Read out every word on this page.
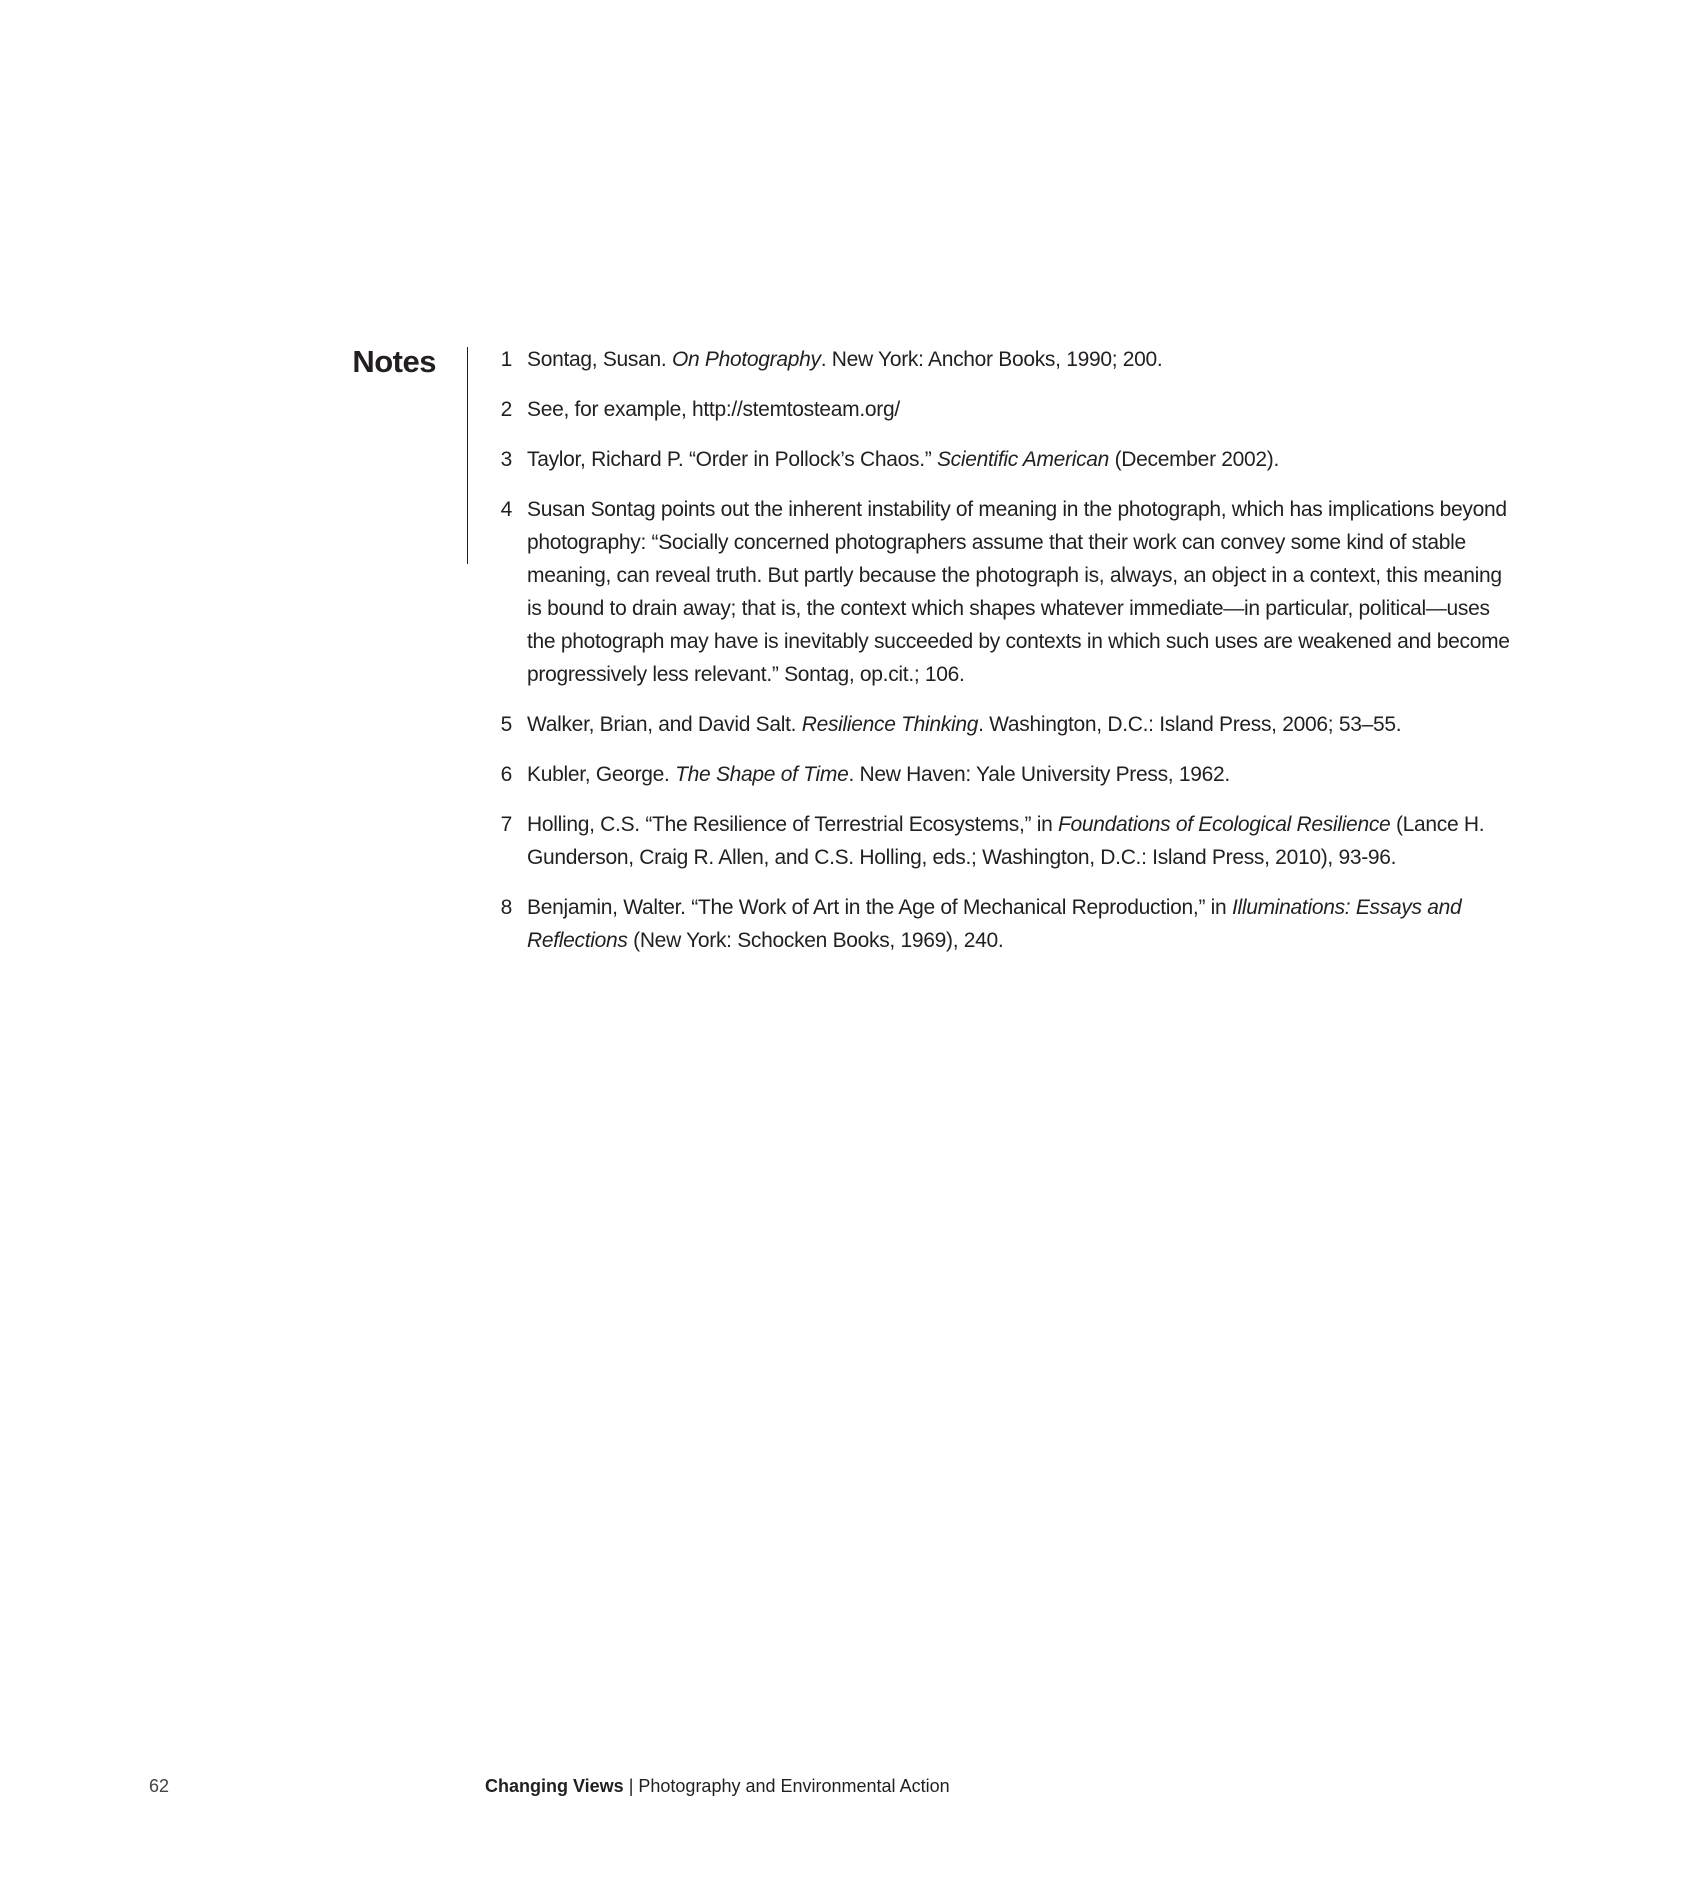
Notes	1 Sontag, Susan. On Photography. New York: Anchor Books, 1990; 200.
2 See, for example, http://stemtosteam.org/
3 Taylor, Richard P. “Order in Pollock’s Chaos.” Scientific American (December 2002).
4 Susan Sontag points out the inherent instability of meaning in the photograph, which has implications beyond photography: “Socially concerned photographers assume that their work can convey some kind of stable meaning, can reveal truth. But partly because the photograph is, always, an object in a context, this meaning is bound to drain away; that is, the context which shapes whatever immediate—in particular, political—uses the photograph may have is inevitably succeeded by contexts in which such uses are weakened and become progressively less relevant.” Sontag, op.cit.; 106.
5 Walker, Brian, and David Salt. Resilience Thinking. Washington, D.C.: Island Press, 2006; 53–55.
6 Kubler, George. The Shape of Time. New Haven: Yale University Press, 1962.
7 Holling, C.S. “The Resilience of Terrestrial Ecosystems,” in Foundations of Ecological Resilience (Lance H. Gunderson, Craig R. Allen, and C.S. Holling, eds.; Washington, D.C.: Island Press, 2010), 93-96.
8 Benjamin, Walter. “The Work of Art in the Age of Mechanical Reproduction,” in Illuminations: Essays and Reflections (New York: Schocken Books, 1969), 240.
62	Changing Views | Photography and Environmental Action
